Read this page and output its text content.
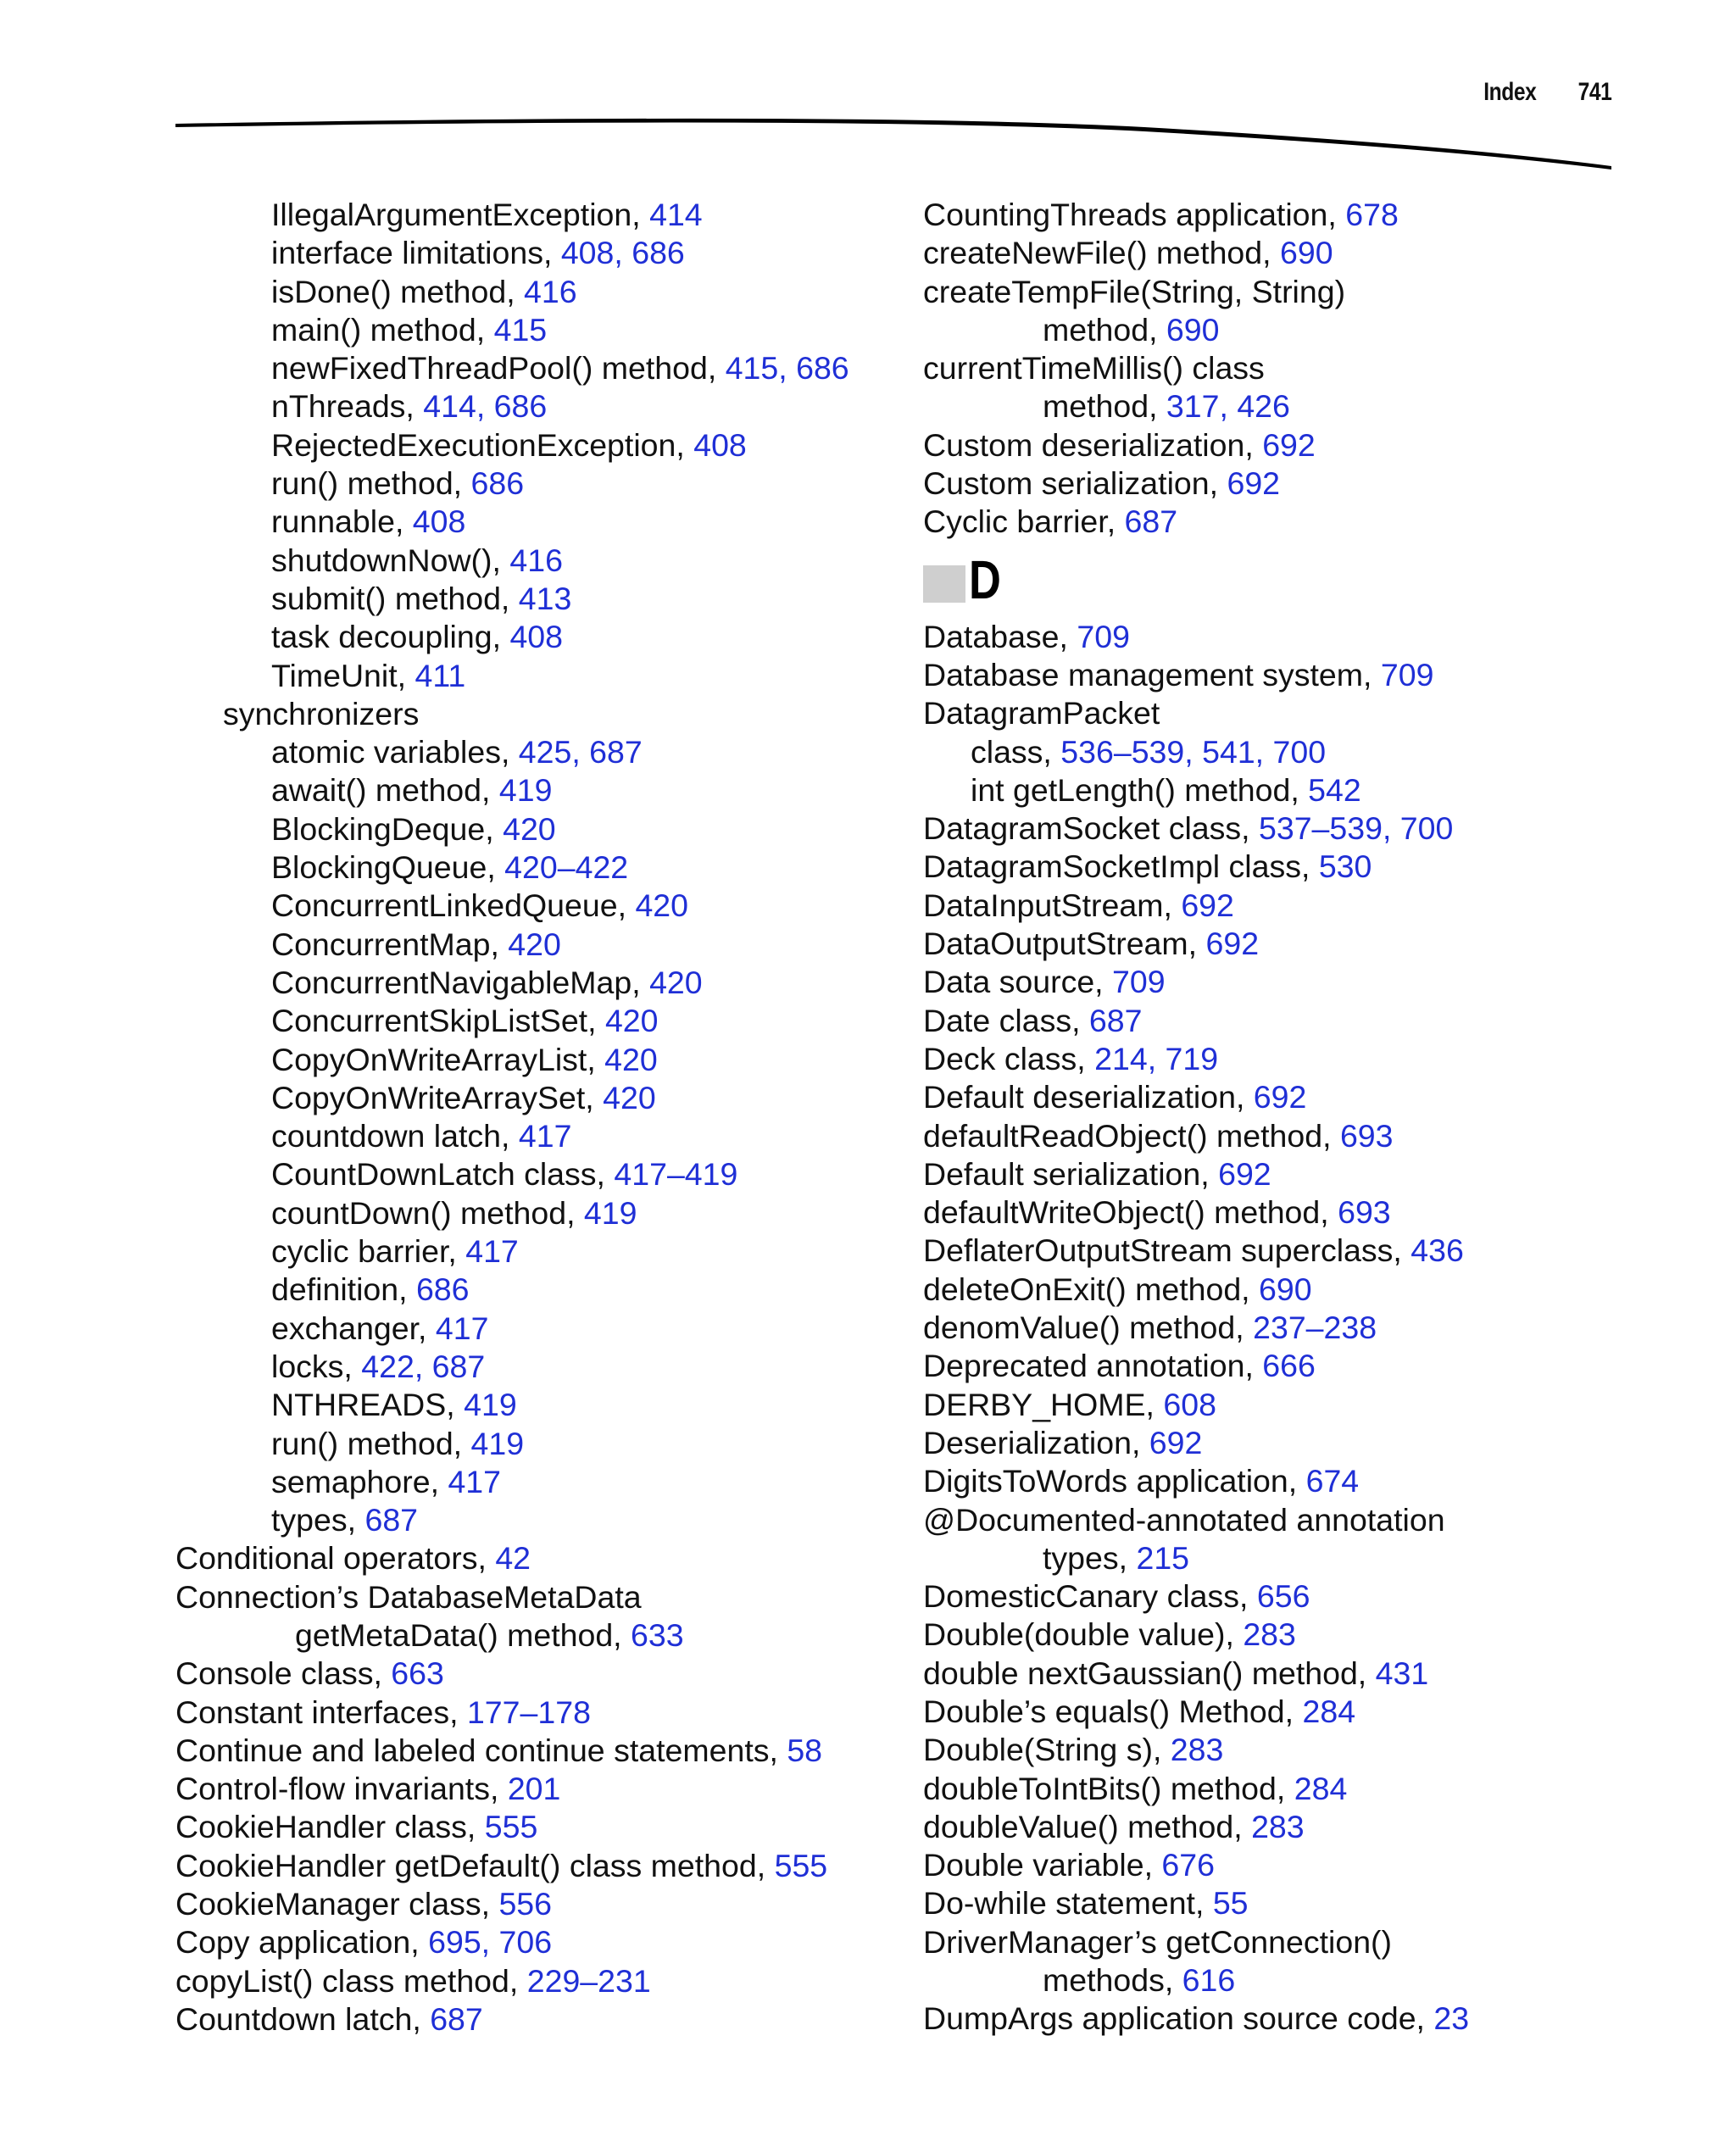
Index 741
IllegalArgumentException, 414
interface limitations, 408, 686
isDone() method, 416
main() method, 415
newFixedThreadPool() method, 415, 686
nThreads, 414, 686
RejectedExecutionException, 408
run() method, 686
runnable, 408
shutdownNow(), 416
submit() method, 413
task decoupling, 408
TimeUnit, 411
synchronizers
atomic variables, 425, 687
await() method, 419
BlockingDeque, 420
BlockingQueue, 420–422
ConcurrentLinkedQueue, 420
ConcurrentMap, 420
ConcurrentNavigableMap, 420
ConcurrentSkipListSet, 420
CopyOnWriteArrayList, 420
CopyOnWriteArraySet, 420
countdown latch, 417
CountDownLatch class, 417–419
countDown() method, 419
cyclic barrier, 417
definition, 686
exchanger, 417
locks, 422, 687
NTHREADS, 419
run() method, 419
semaphore, 417
types, 687
Conditional operators, 42
Connection’s DatabaseMetaData
getMetaData() method, 633
Console class, 663
Constant interfaces, 177–178
Continue and labeled continue statements, 58
Control-flow invariants, 201
CookieHandler class, 555
CookieHandler getDefault() class method, 555
CookieManager class, 556
Copy application, 695, 706
copyList() class method, 229–231
Countdown latch, 687
CountingThreads application, 678
createNewFile() method, 690
createTempFile(String, String)
method, 690
currentTimeMillis() class
method, 317, 426
Custom deserialization, 692
Custom serialization, 692
Cyclic barrier, 687
D
Database, 709
Database management system, 709
DatagramPacket
class, 536–539, 541, 700
int getLength() method, 542
DatagramSocket class, 537–539, 700
DatagramSocketImpl class, 530
DataInputStream, 692
DataOutputStream, 692
Data source, 709
Date class, 687
Deck class, 214, 719
Default deserialization, 692
defaultReadObject() method, 693
Default serialization, 692
defaultWriteObject() method, 693
DeflaterOutputStream superclass, 436
deleteOnExit() method, 690
denomValue() method, 237–238
Deprecated annotation, 666
DERBY_HOME, 608
Deserialization, 692
DigitsToWords application, 674
@Documented-annotated annotation
types, 215
DomesticCanary class, 656
Double(double value), 283
double nextGaussian() method, 431
Double’s equals() Method, 284
Double(String s), 283
doubleToIntBits() method, 284
doubleValue() method, 283
Double variable, 676
Do-while statement, 55
DriverManager’s getConnection()
methods, 616
DumpArgs application source code, 23
